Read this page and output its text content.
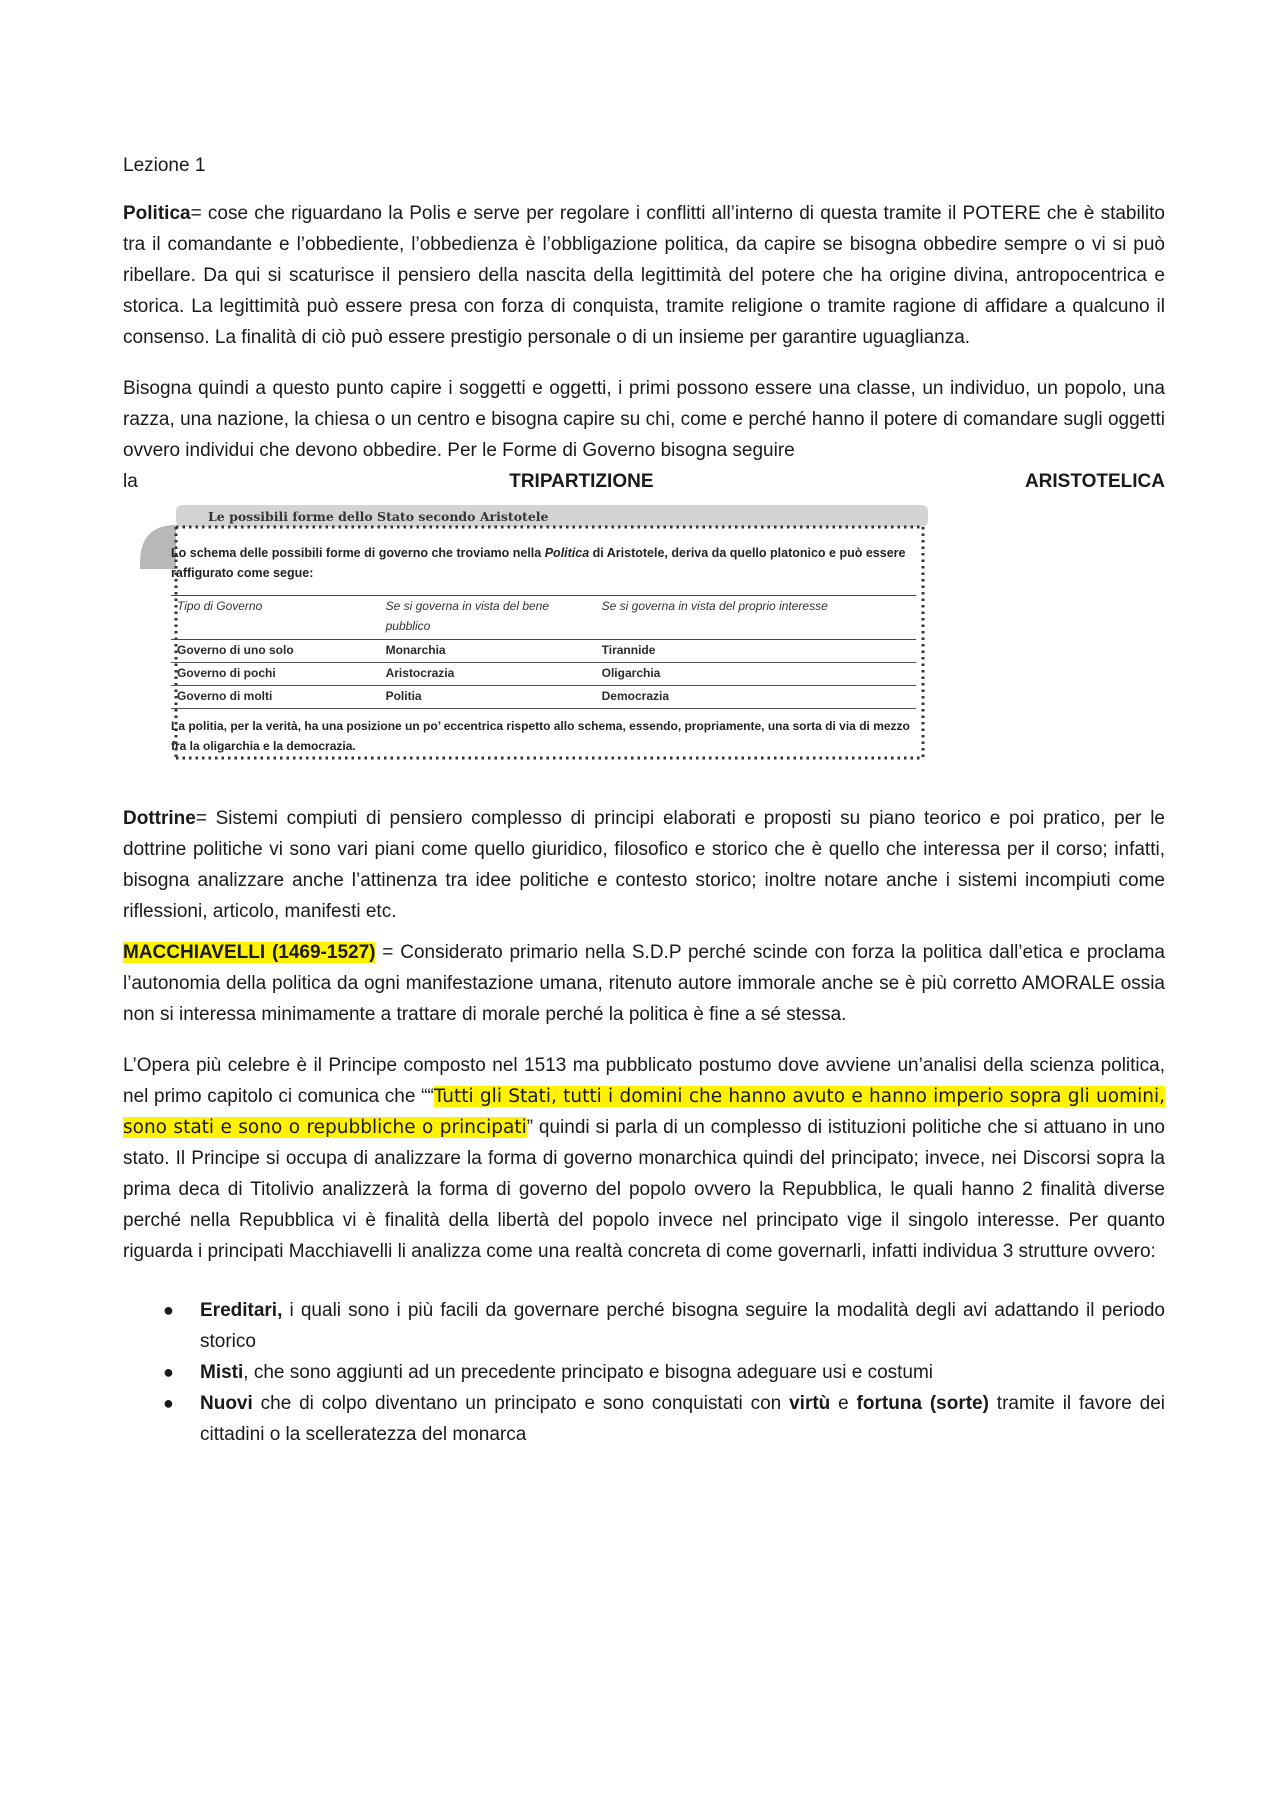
Lezione 1

Politica= cose che riguardano la Polis e serve per regolare i conflitti all’interno di questa tramite il POTERE che è stabilito tra il comandante e l’obbediente, l’obbedienza è l’obbligazione politica, da capire se bisogna obbedire sempre o vi si può ribellare. Da qui si scaturisce il pensiero della nascita della legittimità del potere che ha origine divina, antropocentrica e storica. La legittimità può essere presa con forza di conquista, tramite religione o tramite ragione di affidare a qualcuno il consenso. La finalità di ciò può essere prestigio personale o di un insieme per garantire uguaglianza.

Bisogna quindi a questo punto capire i soggetti e oggetti, i primi possono essere una classe, un individuo, un popolo, una razza, una nazione, la chiesa o un centro e bisogna capire su chi, come e perché hanno il potere di comandare sugli oggetti ovvero individui che devono obbedire. Per le Forme di Governo bisogna seguire

la	TRIPARTIZIONE	ARISTOTELICA
Le possibili forme dello Stato secondo Aristotele
Lo schema delle possibili forme di governo che troviamo nella Politica di Aristotele, deriva da quello platonico e può essere raffigurato come segue:
Tipo di Governo	Se si governa in vista del bene pubblico	Se si governa in vista del proprio interesse
Governo di uno solo	Monarchia	Tirannide
Governo di pochi	Aristocrazia	Oligarchia
Governo di molti	Politia	Democrazia
La politia, per la verità, ha una posizione un po’ eccentrica rispetto allo schema, essendo, propriamente, una sorta di via di mezzo fra la oligarchia e la democrazia.

Dottrine= Sistemi compiuti di pensiero complesso di principi elaborati e proposti su piano teorico e poi pratico, per le dottrine politiche vi sono vari piani come quello giuridico, filosofico e storico che è quello che interessa per il corso; infatti, bisogna analizzare anche l’attinenza tra idee politiche e contesto storico; inoltre notare anche i sistemi incompiuti come riflessioni, articolo, manifesti etc.

MACCHIAVELLI (1469-1527) = Considerato primario nella S.D.P perché scinde con forza la politica dall’etica e proclama l’autonomia della politica da ogni manifestazione umana, ritenuto autore immorale anche se è più corretto AMORALE ossia non si interessa minimamente a trattare di morale perché la politica è fine a sé stessa.

L’Opera più celebre è il Principe composto nel 1513 ma pubblicato postumo dove avviene un’analisi della scienza politica, nel primo capitolo ci comunica che ““Tutti gli Stati, tutti i domini che hanno avuto e hanno imperio sopra gli uomini, sono stati e sono o repubbliche o principati” quindi si parla di un complesso di istituzioni politiche che si attuano in uno stato. Il Principe si occupa di analizzare la forma di governo monarchica quindi del principato; invece, nei Discorsi sopra la prima deca di Titolivio analizzerà la forma di governo del popolo ovvero la Repubblica, le quali hanno 2 finalità diverse perché nella Repubblica vi è finalità della libertà del popolo invece nel principato vige il singolo interesse. Per quanto riguarda i principati Macchiavelli li analizza come una realtà concreta di come governarli, infatti individua 3 strutture ovvero:

● Ereditari, i quali sono i più facili da governare perché bisogna seguire la modalità degli avi adattando il periodo storico
● Misti, che sono aggiunti ad un precedente principato e bisogna adeguare usi e costumi
● Nuovi che di colpo diventano un principato e sono conquistati con virtù e fortuna (sorte) tramite il favore dei cittadini o la scelleratezza del monarca
